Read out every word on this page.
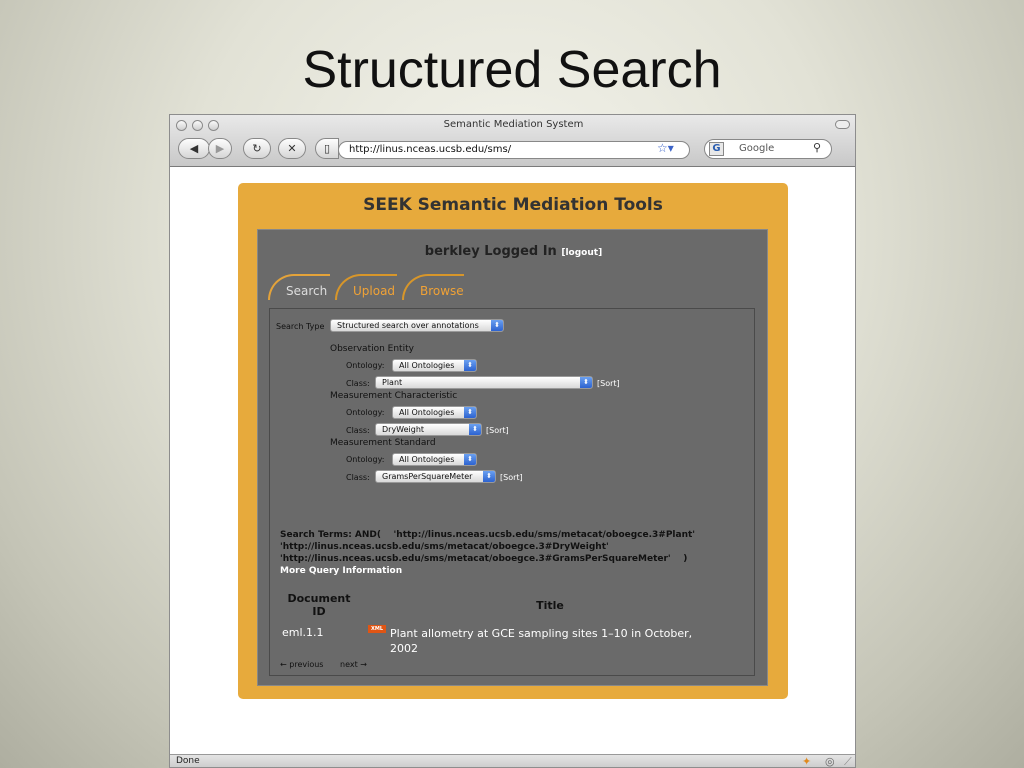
Structured Search
Semantic Mediation System
◀ ▶	↻ ✕ ▯	http://linus.nceas.ucsb.edu/sms/	☆▾	G	Google	⚲
SEEK Semantic Mediation Tools
berkley Logged In [logout]
Search	Upload	Browse
Search Type	Structured search over annotations	⬍
Observation Entity
Ontology:	All Ontologies	⬍
Class:	Plant	⬍	[Sort]
Measurement Characteristic
Ontology:	All Ontologies	⬍
Class:	DryWeight	⬍	[Sort]
Measurement Standard
Ontology:	All Ontologies	⬍
Class:	GramsPerSquareMeter	⬍	[Sort]
Search Terms: AND(    'http://linus.nceas.ucsb.edu/sms/metacat/oboegce.3#Plant'
'http://linus.nceas.ucsb.edu/sms/metacat/oboegce.3#DryWeight'
'http://linus.nceas.ucsb.edu/sms/metacat/oboegce.3#GramsPerSquareMeter'    )
More Query Information
Document
ID	Title
eml.1.1	XML Plant allometry at GCE sampling sites 1–10 in October,
2002
← previous next →
Done	✦ ◎ ⟋
